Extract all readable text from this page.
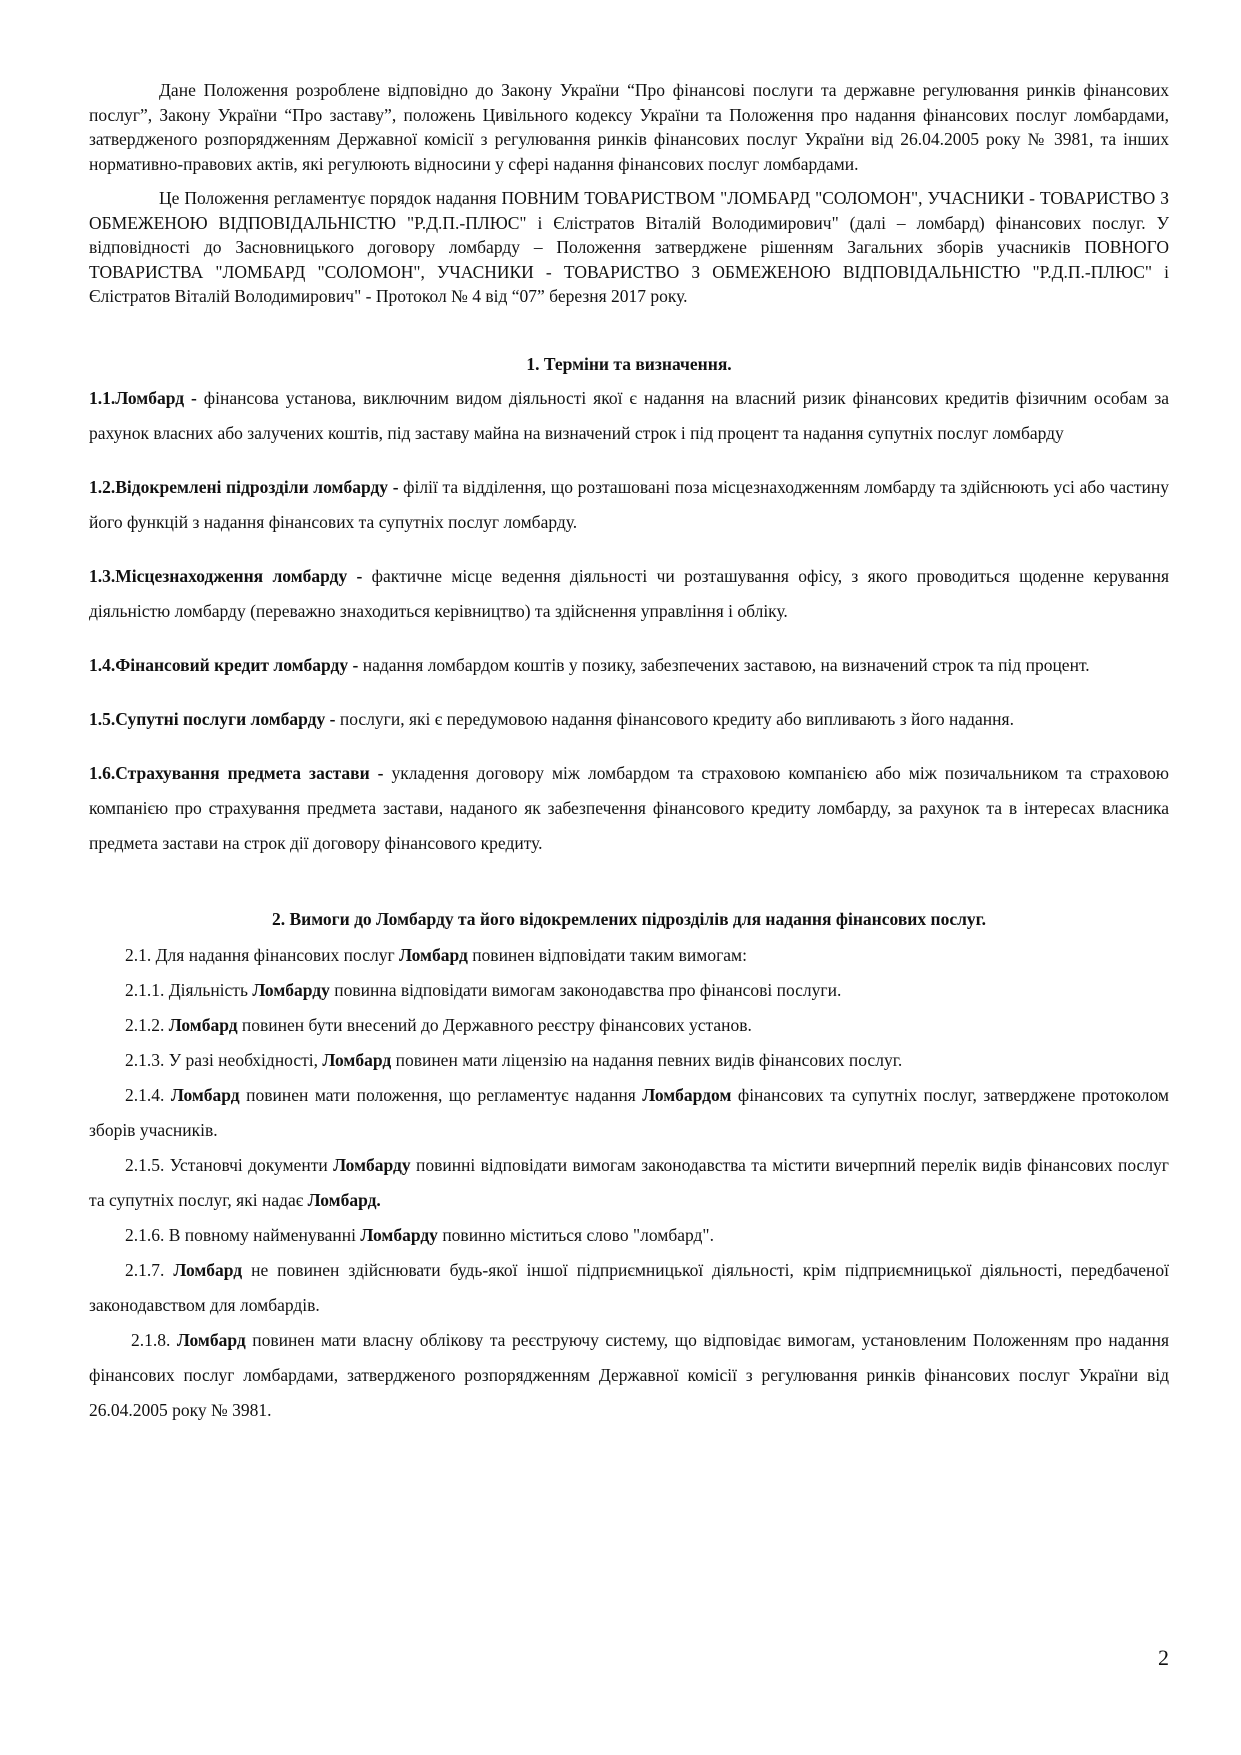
Дане Положення розроблене відповідно до Закону України “Про фінансові послуги та державне регулювання ринків фінансових послуг”, Закону України “Про заставу”, положень Цивільного кодексу України та Положення про надання фінансових послуг ломбардами, затвердженого розпорядженням Державної комісії з регулювання ринків фінансових послуг України від 26.04.2005 року № 3981, та інших нормативно-правових актів, які регулюють відносини у сфері надання фінансових послуг ломбардами.

Це Положення регламентує порядок надання ПОВНИМ ТОВАРИСТВОМ "ЛОМБАРД "СОЛОМОН", УЧАСНИКИ - ТОВАРИСТВО З ОБМЕЖЕНОЮ ВІДПОВІДАЛЬНІСТЮ "Р.Д.П.-ПЛЮС" і Єлістратов Віталій Володимирович" (далі – ломбард) фінансових послуг. У відповідності до Засновницького договору ломбарду – Положення затверджене рішенням Загальних зборів учасників ПОВНОГО ТОВАРИСТВА "ЛОМБАРД "СОЛОМОН", УЧАСНИКИ - ТОВАРИСТВО З ОБМЕЖЕНОЮ ВІДПОВІДАЛЬНІСТЮ "Р.Д.П.-ПЛЮС" і Єлістратов Віталій Володимирович" - Протокол № 4 від “07” березня 2017 року.

1. Терміни та визначення.

1.1.Ломбард - фінансова установа, виключним видом діяльності якої є надання на власний ризик фінансових кредитів фізичним особам за рахунок власних або залучених коштів, під заставу майна на визначений строк і під процент та надання супутніх послуг ломбарду

1.2.Відокремлені підрозділи ломбарду - філії та відділення, що розташовані поза місцезнаходженням ломбарду та здійснюють усі або частину його функцій з надання фінансових та супутніх послуг ломбарду.

1.3.Місцезнаходження ломбарду - фактичне місце ведення діяльності чи розташування офісу, з якого проводиться щоденне керування діяльністю ломбарду (переважно знаходиться керівництво) та здійснення управління і обліку.

1.4.Фінансовий кредит ломбарду - надання ломбардом коштів у позику, забезпечених заставою, на визначений строк та під процент.

1.5.Супутні послуги ломбарду - послуги, які є передумовою надання фінансового кредиту або випливають з його надання.

1.6.Страхування предмета застави - укладення договору між ломбардом та страховою компанією або між позичальником та страховою компанією про страхування предмета застави, наданого як забезпечення фінансового кредиту ломбарду, за рахунок та в інтересах власника предмета застави на строк дії договору фінансового кредиту.

2. Вимоги до Ломбарду та його відокремлених підрозділів для надання фінансових послуг.

2.1. Для надання фінансових послуг Ломбард повинен відповідати таким вимогам:

2.1.1. Діяльність Ломбарду повинна відповідати вимогам законодавства про фінансові послуги.

2.1.2. Ломбард повинен бути внесений до Державного реєстру фінансових установ.

2.1.3. У разі необхідності, Ломбард повинен мати ліцензію на надання певних видів фінансових послуг.

2.1.4. Ломбард повинен мати положення, що регламентує надання Ломбардом фінансових та супутніх послуг, затверджене протоколом зборів учасників.

2.1.5. Установчі документи Ломбарду повинні відповідати вимогам законодавства та містити вичерпний перелік видів фінансових послуг та супутніх послуг, які надає Ломбард.

2.1.6. В повному найменуванні Ломбарду повинно міститься слово "ломбард".

2.1.7. Ломбард не повинен здійснювати будь-якої іншої підприємницької діяльності, крім підприємницької діяльності, передбаченої законодавством для ломбардів.

2.1.8. Ломбард повинен мати власну облікову та реєструючу систему, що відповідає вимогам, установленим Положенням про надання фінансових послуг ломбардами, затвердженого розпорядженням Державної комісії з регулювання ринків фінансових послуг України від 26.04.2005 року № 3981.

2
